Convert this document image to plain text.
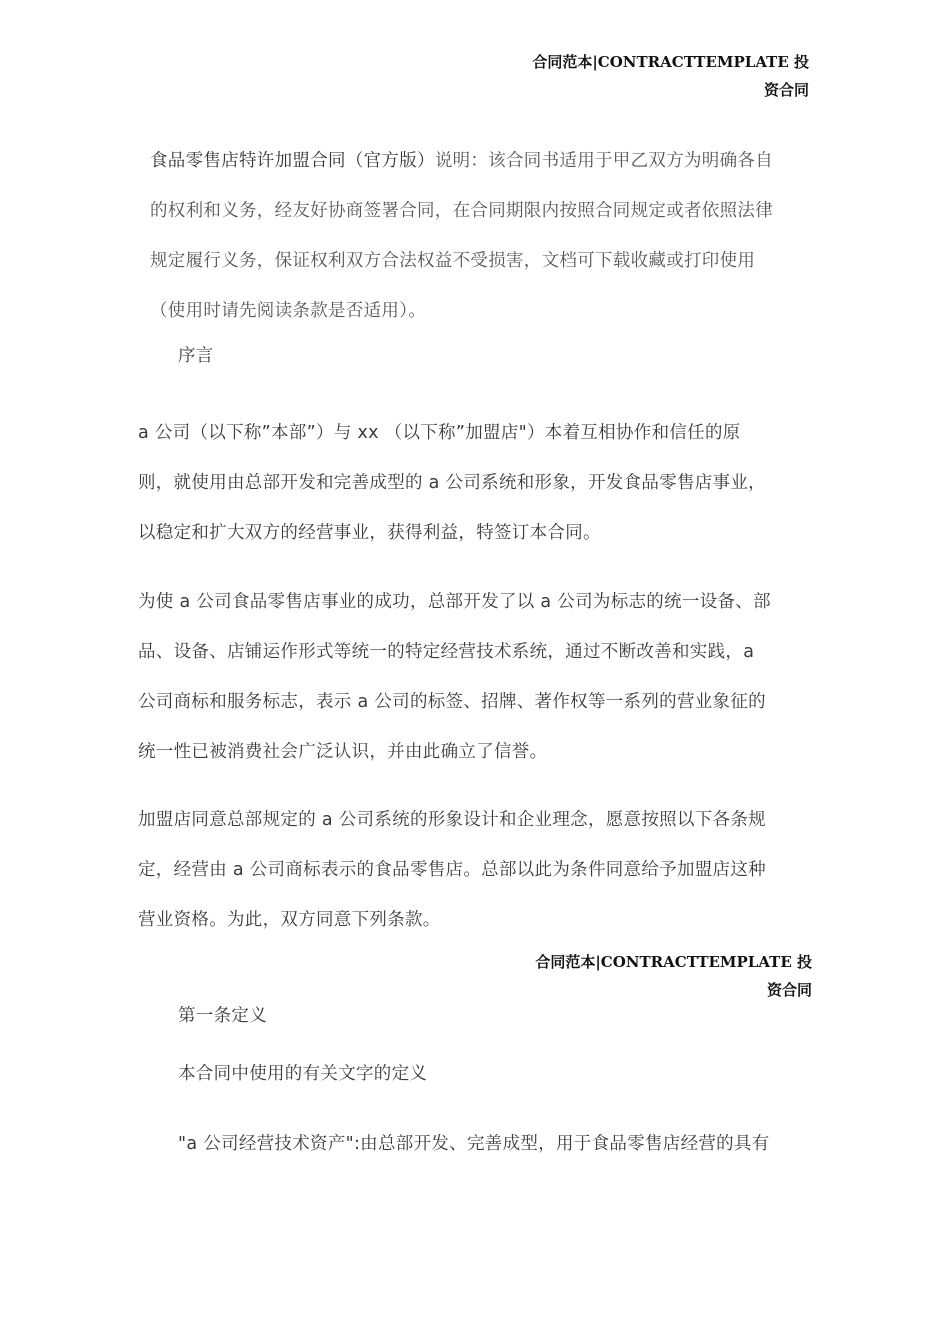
合同范本|CONTRACTTEMPLATE 投
资合同
食品零售店特许加盟合同（官方版）说明：该合同书适用于甲乙双方为明确各自
的权利和义务，经友好协商签署合同，在合同期限内按照合同规定或者依照法律
规定履行义务，保证权利双方合法权益不受损害，文档可下载收藏或打印使用
（使用时请先阅读条款是否适用）。
序言
a 公司（以下称”本部”）与 xx （以下称”加盟店"）本着互相协作和信任的原
则，就使用由总部开发和完善成型的 a 公司系统和形象，开发食品零售店事业，
以稳定和扩大双方的经营事业，获得利益，特签订本合同。
为使 a 公司食品零售店事业的成功，总部开发了以 a 公司为标志的统一设备、部
品、设备、店铺运作形式等统一的特定经营技术系统，通过不断改善和实践，a
公司商标和服务标志，表示 a 公司的标签、招牌、著作权等一系列的营业象征的
统一性已被消费社会广泛认识，并由此确立了信誉。
加盟店同意总部规定的 a 公司系统的形象设计和企业理念，愿意按照以下各条规
定，经营由 a 公司商标表示的食品零售店。总部以此为条件同意给予加盟店这种
营业资格。为此，双方同意下列条款。
合同范本|CONTRACTTEMPLATE 投
资合同
第一条定义
本合同中使用的有关文字的定义
"a 公司经营技术资产":由总部开发、完善成型，用于食品零售店经营的具有
